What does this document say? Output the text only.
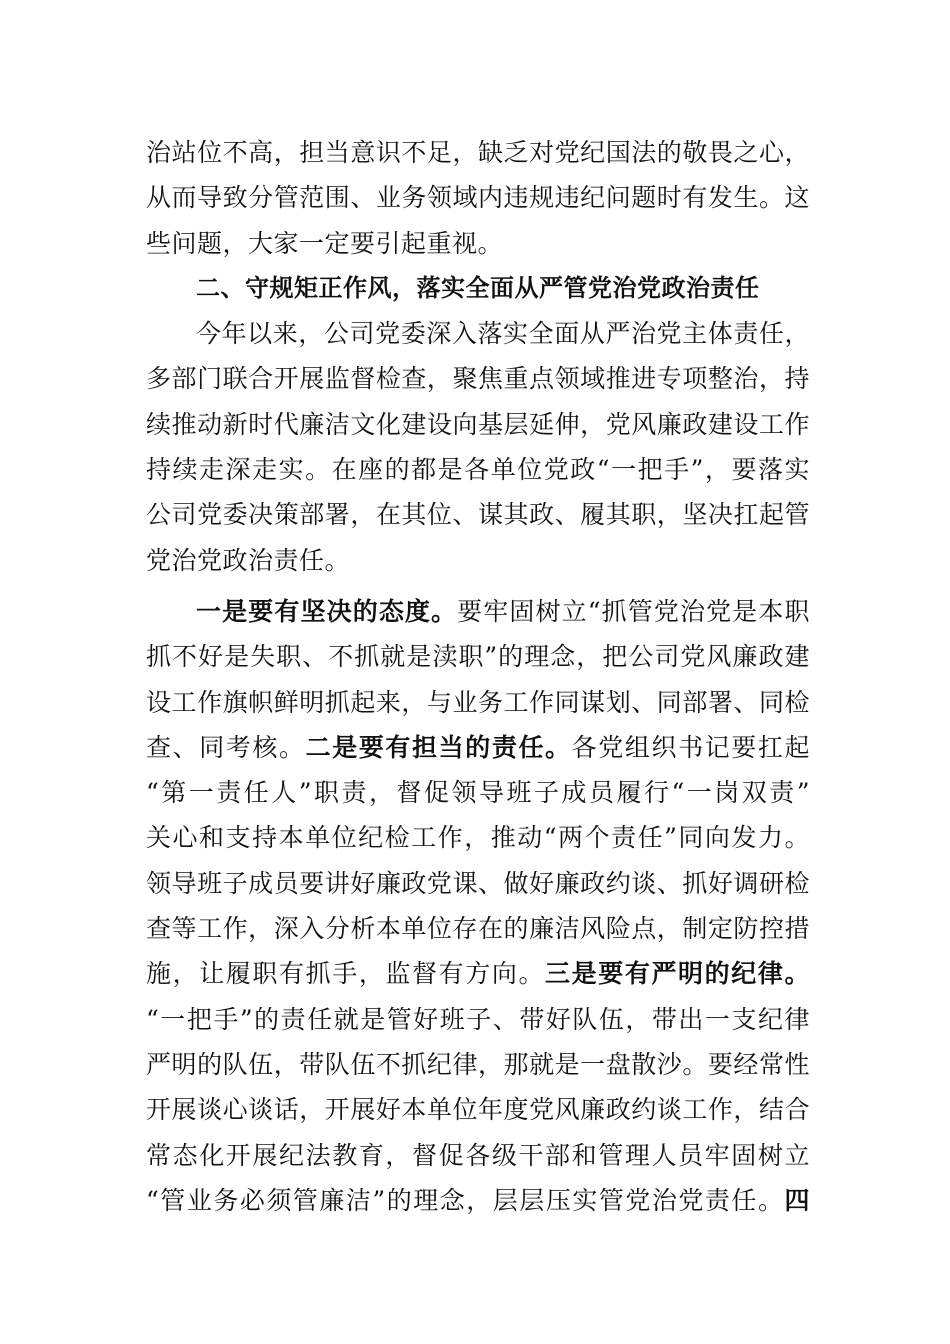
治站位不高，担当意识不足，缺乏对党纪国法的敬畏之心，
从而导致分管范围、业务领域内违规违纪问题时有发生。这
些问题，大家一定要引起重视。
二、守规矩正作风，落实全面从严管党治党政治责任
今年以来，公司党委深入落实全面从严治党主体责任，
多部门联合开展监督检查，聚焦重点领域推进专项整治，持
续推动新时代廉洁文化建设向基层延伸，党风廉政建设工作
持续走深走实。在座的都是各单位党政“一把手”，要落实
公司党委决策部署，在其位、谋其政、履其职，坚决扛起管
党治党政治责任。
一是要有坚决的态度。要牢固树立“抓管党治党是本职
抓不好是失职、不抓就是渎职”的理念，把公司党风廉政建
设工作旗帜鲜明抓起来，与业务工作同谋划、同部署、同检
查、同考核。二是要有担当的责任。各党组织书记要扛起
“第一责任人”职责，督促领导班子成员履行“一岗双责”
关心和支持本单位纪检工作，推动“两个责任”同向发力。
领导班子成员要讲好廉政党课、做好廉政约谈、抓好调研检
查等工作，深入分析本单位存在的廉洁风险点，制定防控措
施，让履职有抓手，监督有方向。三是要有严明的纪律。
“一把手”的责任就是管好班子、带好队伍，带出一支纪律
严明的队伍，带队伍不抓纪律，那就是一盘散沙。要经常性
开展谈心谈话，开展好本单位年度党风廉政约谈工作，结合
常态化开展纪法教育，督促各级干部和管理人员牢固树立
“管业务必须管廉洁”的理念，层层压实管党治党责任。四
